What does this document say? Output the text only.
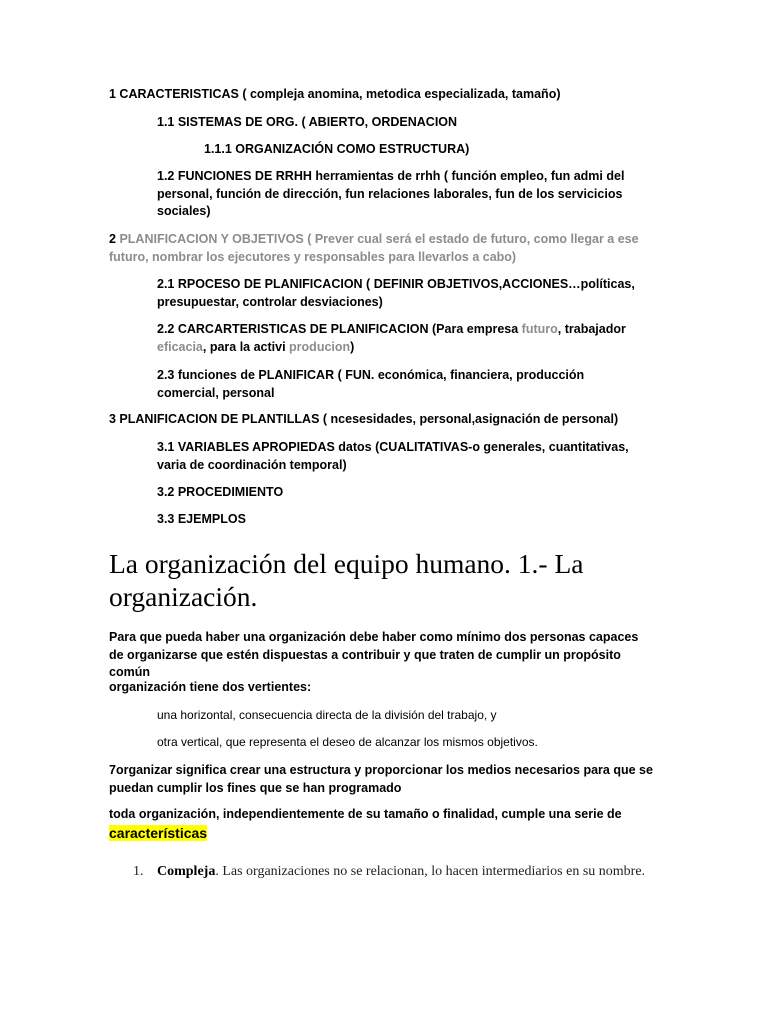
1 CARACTERISTICAS ( compleja anomina, metodica especializada, tamaño)

1.1 SISTEMAS DE ORG. ( ABIERTO, ORDENACION

1.1.1 ORGANIZACIÓN COMO ESTRUCTURA)

1.2 FUNCIONES DE RRHH herramientas de rrhh ( función empleo, fun admi del personal, función de dirección, fun relaciones laborales, fun de los servicicios sociales)

2 PLANIFICACION Y OBJETIVOS ( Prever cual será el estado de futuro, como llegar a ese futuro, nombrar los ejecutores y responsables para llevarlos a cabo)

2.1 RPOCESO DE PLANIFICACION ( DEFINIR OBJETIVOS,ACCIONES…políticas, presupuestar, controlar desviaciones)

2.2 CARCARTERISTICAS DE PLANIFICACION (Para empresa futuro, trabajador eficacia, para la activi producion)

2.3 funciones de PLANIFICAR ( FUN. económica, financiera, producción comercial, personal

3 PLANIFICACION DE PLANTILLAS ( ncesesidades, personal,asignación de personal)

3.1 VARIABLES APROPIEDAS datos (CUALITATIVAS-o generales, cuantitativas, varia de coordinación temporal)

3.2 PROCEDIMIENTO

3.3 EJEMPLOS

La organización del equipo humano. 1.- La organización.

Para que pueda haber una organización debe haber como mínimo dos personas capaces de organizarse que estén dispuestas a contribuir y que traten de cumplir un propósito común

organización tiene dos vertientes:

una horizontal, consecuencia directa de la división del trabajo, y

otra vertical, que representa el deseo de alcanzar los mismos objetivos.

7organizar significa crear una estructura y proporcionar los medios necesarios para que se puedan cumplir los fines que se han programado

toda organización, independientemente de su tamaño o finalidad, cumple una serie de

características

1. Compleja. Las organizaciones no se relacionan, lo hacen intermediarios en su nombre.
